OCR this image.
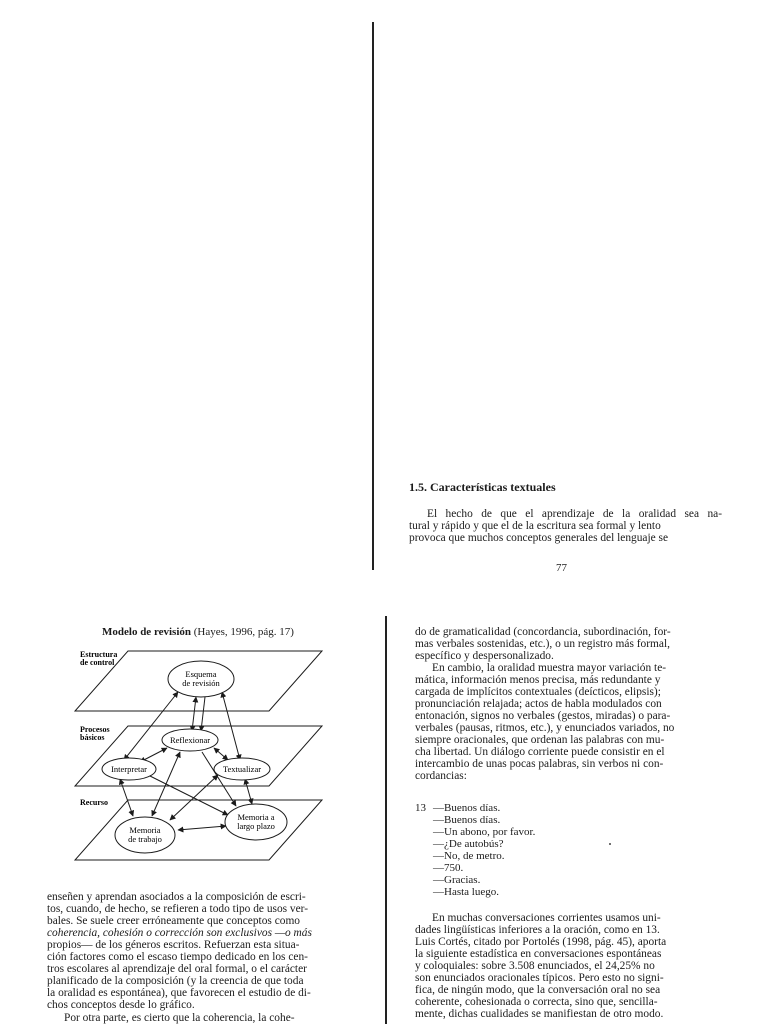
1.5. Características textuales
El hecho de que el aprendizaje de la oralidad sea na-
tural y rápido y que el de la escritura sea formal y lento
provoca que muchos conceptos generales del lenguaje se
77
Modelo de revisión (Hayes, 1996, pág. 17)
Estructura
de control
Procesos
básicos
Recurso
Esquema
de revisión
Reflexionar
Interpretar	Textualizar
Memoria
de trabajo
Memoria a
largo plazo
enseñen y aprendan asociados a la composición de escri-
tos, cuando, de hecho, se refieren a todo tipo de usos ver-
bales. Se suele creer erróneamente que conceptos como
coherencia, cohesión o corrección son exclusivos —o más
propios— de los géneros escritos. Refuerzan esta situa-
ción factores como el escaso tiempo dedicado en los cen-
tros escolares al aprendizaje del oral formal, o el carácter
planificado de la composición (y la creencia de que toda
la oralidad es espontánea), que favorecen el estudio de di-
chos conceptos desde lo gráfico.
Por otra parte, es cierto que la coherencia, la cohe-
do de gramaticalidad (concordancia, subordinación, for-
mas verbales sostenidas, etc.), o un registro más formal,
específico y despersonalizado.
En cambio, la oralidad muestra mayor variación te-
mática, información menos precisa, más redundante y
cargada de implícitos contextuales (deícticos, elipsis);
pronunciación relajada; actos de habla modulados con
entonación, signos no verbales (gestos, miradas) o para-
verbales (pausas, ritmos, etc.), y enunciados variados, no
siempre oracionales, que ordenan las palabras con mu-
cha libertad. Un diálogo corriente puede consistir en el
intercambio de unas pocas palabras, sin verbos ni con-
cordancias:
13 —Buenos días.
—Buenos días.
—Un abono, por favor.
—¿De autobús?
—No, de metro.
—750.
—Gracias.
—Hasta luego.
En muchas conversaciones corrientes usamos uni-
dades lingüísticas inferiores a la oración, como en 13.
Luis Cortés, citado por Portolés (1998, pág. 45), aporta
la siguiente estadística en conversaciones espontáneas
y coloquiales: sobre 3.508 enunciados, el 24,25% no
son enunciados oracionales típicos. Pero esto no signi-
fica, de ningún modo, que la conversación oral no sea
coherente, cohesionada o correcta, sino que, sencilla-
mente, dichas cualidades se manifiestan de otro modo.
